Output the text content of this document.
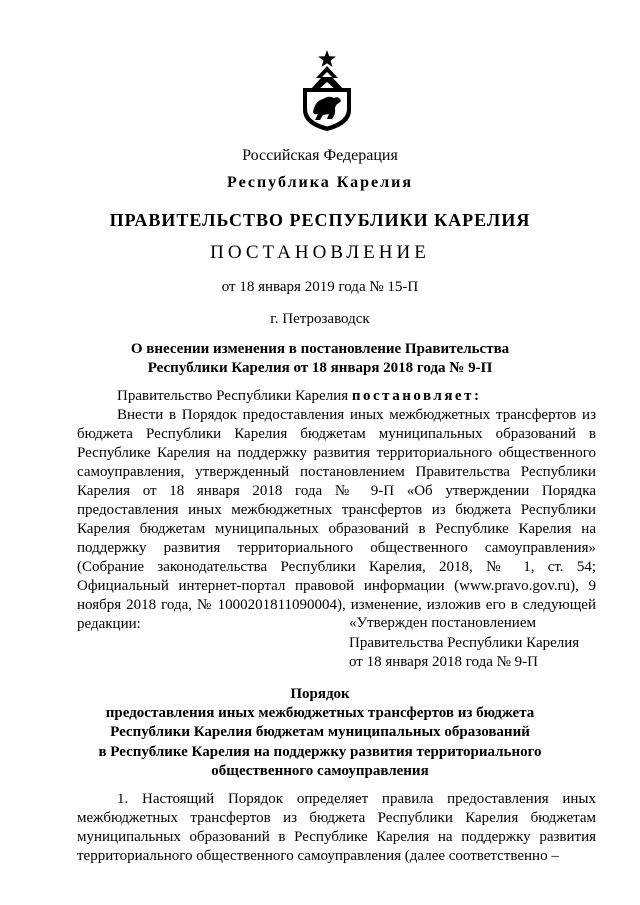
Российская Федерация
Республика Карелия
ПРАВИТЕЛЬСТВО РЕСПУБЛИКИ КАРЕЛИЯ
ПОСТАНОВЛЕНИЕ
от 18 января 2019 года № 15-П
г. Петрозаводск
О внесении изменения в постановление Правительства
Республики Карелия от 18 января 2018 года № 9-П

Правительство Республики Карелия постановляет:

Внести в Порядок предоставления иных межбюджетных трансфертов из бюджета Республики Карелия бюджетам муниципальных образований в Республике Карелия на поддержку развития территориального общественного самоуправления, утвержденный постановлением Правительства Республики Карелия от 18 января 2018 года № 9-П «Об утверждении Порядка предоставления иных межбюджетных трансфертов из бюджета Республики Карелия бюджетам муниципальных образований в Республике Карелия на поддержку развития территориального общественного самоуправления» (Собрание законодательства Республики Карелия, 2018, № 1, ст. 54; Официальный интернет-портал правовой информации (www.pravo.gov.ru), 9 ноября 2018 года, № 1000201811090004), изменение, изложив его в следующей редакции:	«Утвержден постановлением
Правительства Республики Карелия
от 18 января 2018 года № 9-П
Порядок
предоставления иных межбюджетных трансфертов из бюджета
Республики Карелия бюджетам муниципальных образований
в Республике Карелия на поддержку развития территориального
общественного самоуправления
1. Настоящий Порядок определяет правила предоставления иных межбюджетных трансфертов из бюджета Республики Карелия бюджетам муниципальных образований в Республике Карелия на поддержку развития территориального общественного самоуправления (далее соответственно –
